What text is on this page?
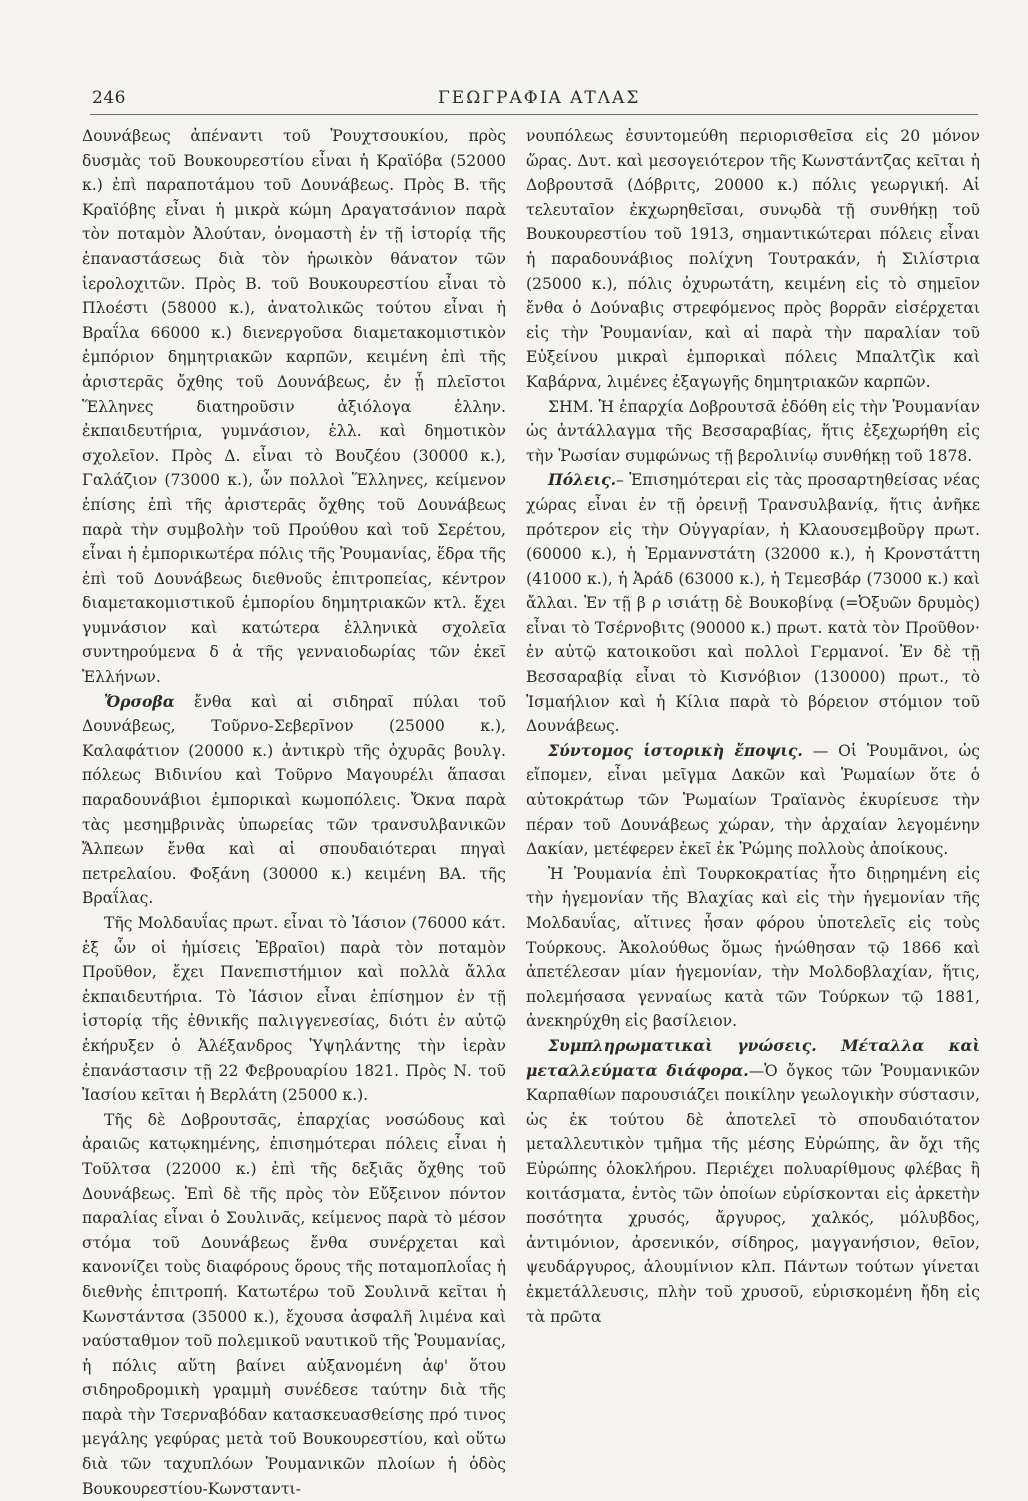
246	ΓΕΩΓΡΑΦΙΑ ΑΤΛΑΣ

Δουνάβεως ἀπέναντι τοῦ Ῥουχτσουκίου, πρὸς δυσμὰς τοῦ Βουκουρεστίου εἶναι ἡ Κραϊόβα (52000 κ.) ἐπὶ παραποτάμου τοῦ Δουνάβεως. Πρὸς Β. τῆς Κραϊόβης εἶναι ἡ μικρὰ κώμη Δραγατσάνιον παρὰ τὸν ποταμὸν Ἀλούταν, ὀνομαστὴ ἐν τῇ ἱστορίᾳ τῆς ἐπαναστάσεως διὰ τὸν ἡρωικὸν θάνατον τῶν ἱερολοχιτῶν. Πρὸς Β. τοῦ Βουκουρεστίου εἶναι τὸ Πλοέστι (58000 κ.), ἀνατολικῶς τούτου εἶναι ἡ Βραΐλα 66000 κ.) διενεργοῦσα διαμετακομιστικὸν ἐμπόριον δημητριακῶν καρπῶν, κειμένη ἐπὶ τῆς ἀριστερᾶς ὄχθης τοῦ Δουνάβεως, ἐν ᾗ πλεῖστοι Ἕλληνες διατηροῦσιν ἀξιόλογα ἑλλην. ἐκπαιδευτήρια, γυμνάσιον, ἑλλ. καὶ δημοτικὸν σχολεῖον. Πρὸς Δ. εἶναι τὸ Βουζέου (30000 κ.), Γαλάζιον (73000 κ.), ὧν πολλοὶ Ἕλληνες, κείμενον ἐπίσης ἐπὶ τῆς ἀριστερᾶς ὄχθης τοῦ Δουνάβεως παρὰ τὴν συμβολὴν τοῦ Προύθου καὶ τοῦ Σερέτου, εἶναι ἡ ἐμπορικωτέρα πόλις τῆς Ῥουμανίας, ἕδρα τῆς ἐπὶ τοῦ Δουνάβεως διεθνοῦς ἐπιτροπείας, κέντρον διαμετακομιστικοῦ ἐμπορίου δημητριακῶν κτλ. ἔχει γυμνάσιον καὶ κατώτερα ἑλληνικὰ σχολεῖα συντηρούμενα δ ἀ τῆς γενναιοδωρίας τῶν ἐκεῖ Ἑλλήνων.

Ὄρσοβα ἔνθα καὶ αἱ σιδηραῖ πύλαι τοῦ Δουνάβεως, Τοῦρνο-Σεβερῖνον (25000 κ.), Καλαφάτιον (20000 κ.) ἀντικρὺ τῆς ὀχυρᾶς βουλγ. πόλεως Βιδινίου καὶ Τοῦρνο Μαγουρέλι ἅπασαι παραδουνάβιοι ἐμπορικαὶ κωμοπόλεις. Ὄκνα παρὰ τὰς μεσημβρινὰς ὑπωρείας τῶν τρανσυλβανικῶν Ἄλπεων ἔνθα καὶ αἱ σπουδαιότεραι πηγαὶ πετρελαίου. Φοξάνη (30000 κ.) κειμένη ΒΑ. τῆς Βραΐλας.

Τῆς Μολδαυΐας πρωτ. εἶναι τὸ Ἰάσιον (76000 κάτ. ἐξ ὧν οἱ ἡμίσεις Ἑβραῖοι) παρὰ τὸν ποταμὸν Προῦθον, ἔχει Πανεπιστήμιον καὶ πολλὰ ἄλλα ἐκπαιδευτήρια. Τὸ Ἰάσιον εἶναι ἐπίσημον ἐν τῇ ἱστορίᾳ τῆς ἐθνικῆς παλιγγενεσίας, διότι ἐν αὐτῷ ἐκήρυξεν ὁ Ἀλέξανδρος Ὑψηλάντης τὴν ἱερὰν ἐπανάστασιν τῇ 22 Φεβρουαρίου 1821. Πρὸς Ν. τοῦ Ἰασίου κεῖται ἡ Βερλάτη (25000 κ.).

Τῆς δὲ Δοβρουτσᾶς, ἐπαρχίας νοσώδους καὶ ἀραιῶς κατῳκημένης, ἐπισημότεραι πόλεις εἶναι ἡ Τοῦλτσα (22000 κ.) ἐπὶ τῆς δεξιᾶς ὄχθης τοῦ Δουνάβεως. Ἐπὶ δὲ τῆς πρὸς τὸν Εὔξεινον πόντον παραλίας εἶναι ὁ Σουλινᾶς, κείμενος παρὰ τὸ μέσον στόμα τοῦ Δουνάβεως ἔνθα συνέρχεται καὶ κανονίζει τοὺς διαφόρους ὅρους τῆς ποταμοπλοΐας ἡ διεθνὴς ἐπιτροπή. Κατωτέρω τοῦ Σουλινᾶ κεῖται ἡ Κωνστάντσα (35000 κ.), ἔχουσα ἀσφαλῆ λιμένα καὶ ναύσταθμον τοῦ πολεμικοῦ ναυτικοῦ τῆς Ῥουμανίας, ἡ πόλις αὕτη βαίνει αὐξανομένη ἀφ' ὅτου σιδηροδρομικὴ γραμμὴ συνέδεσε ταύτην διὰ τῆς παρὰ τὴν Τσερναβόδαν κατασκευασθείσης πρό τινος μεγάλης γεφύρας μετὰ τοῦ Βουκουρεστίου, καὶ οὕτω διὰ τῶν ταχυπλόων Ῥουμανικῶν πλοίων ἡ ὁδὸς Βουκουρεστίου-Κωνσταντι-

νουπόλεως ἐσυντομεύθη περιορισθεῖσα εἰς 20 μόνον ὥρας. Δυτ. καὶ μεσογειότερον τῆς Κωνστάντζας κεῖται ἡ Δοβρουτσᾶ (Δόβριτς, 20000 κ.) πόλις γεωργική. Αἱ τελευταῖον ἐκχωρηθεῖσαι, συνῳδὰ τῇ συνθήκῃ τοῦ Βουκουρεστίου τοῦ 1913, σημαντικώτεραι πόλεις εἶναι ἡ παραδουνάβιος πολίχνη Τουτρακάν, ἡ Σιλίστρια (25000 κ.), πόλις ὀχυρωτάτη, κειμένη εἰς τὸ σημεῖον ἔνθα ὁ Δούναβις στρεφόμενος πρὸς βορρᾶν εἰσέρχεται εἰς τὴν Ῥουμανίαν, καὶ αἱ παρὰ τὴν παραλίαν τοῦ Εὐξείνου μικραὶ ἐμπορικαὶ πόλεις Μπαλτζὶκ καὶ Καβάρνα, λιμένες ἐξαγωγῆς δημητριακῶν καρπῶν.

ΣΗΜ. Ἡ ἐπαρχία Δοβρουτσᾶ ἐδόθη εἰς τὴν Ῥουμανίαν ὡς ἀντάλλαγμα τῆς Βεσσαραβίας, ἥτις ἐξεχωρήθη εἰς τὴν Ῥωσίαν συμφώνως τῇ βερολινίῳ συνθήκῃ τοῦ 1878.

Πόλεις.– Ἐπισημότεραι εἰς τὰς προσαρτηθείσας νέας χώρας εἶναι ἐν τῇ ὀρεινῇ Τρανσυλβανίᾳ, ἥτις ἀνῆκε πρότερον εἰς τὴν Οὑγγαρίαν, ἡ Κλαουσεμβοῦργ πρωτ. (60000 κ.), ἡ Ἑρμαννστάτη (32000 κ.), ἡ Κρονστάττη (41000 κ.), ἡ Ἀράδ (63000 κ.), ἡ Τεμεσβάρ (73000 κ.) καὶ ἄλλαι. Ἐν τῇ β ρ ισιάτῃ δὲ Βουκοβίνᾳ (=Ὀξυῶν δρυμὸς) εἶναι τὸ Τσέρνοβιτς (90000 κ.) πρωτ. κατὰ τὸν Προῦθον· ἐν αὐτῷ κατοικοῦσι καὶ πολλοὶ Γερμανοί. Ἐν δὲ τῇ Βεσσαραβίᾳ εἶναι τὸ Κισνόβιον (130000) πρωτ., τὸ Ἰσμαήλιον καὶ ἡ Κίλια παρὰ τὸ βόρειον στόμιον τοῦ Δουνάβεως.

Σύντομος ἱστορικὴ ἔποψις. — Οἱ Ῥουμᾶνοι, ὡς εἴπομεν, εἶναι μεῖγμα Δακῶν καὶ Ῥωμαίων ὅτε ὁ αὐτοκράτωρ τῶν Ῥωμαίων Τραϊανὸς ἐκυρίευσε τὴν πέραν τοῦ Δουνάβεως χώραν, τὴν ἀρχαίαν λεγομένην Δακίαν, μετέφερεν ἐκεῖ ἐκ Ῥώμης πολλοὺς ἀποίκους.

Ἡ Ῥουμανία ἐπὶ Τουρκοκρατίας ἦτο διῃρημένη εἰς τὴν ἡγεμονίαν τῆς Βλαχίας καὶ εἰς τὴν ἡγεμονίαν τῆς Μολδαυΐας, αἵτινες ἦσαν φόρου ὑποτελεῖς εἰς τοὺς Τούρκους. Ἀκολούθως ὅμως ἡνώθησαν τῷ 1866 καὶ ἀπετέλεσαν μίαν ἡγεμονίαν, τὴν Μολδοβλαχίαν, ἥτις, πολεμήσασα γενναίως κατὰ τῶν Τούρκων τῷ 1881, ἀνεκηρύχθη εἰς βασίλειον.

Συμπληρωματικαὶ γνώσεις. Μέταλλα καὶ μεταλλεύματα διάφορα.—Ὁ ὄγκος τῶν Ῥουμανικῶν Καρπαθίων παρουσιάζει ποικίλην γεωλογικὴν σύστασιν, ὡς ἐκ τούτου δὲ ἀποτελεῖ τὸ σπουδαιότατον μεταλλευτικὸν τμῆμα τῆς μέσης Εὐρώπης, ἂν ὄχι τῆς Εὐρώπης ὁλοκλήρου. Περιέχει πολυαρίθμους φλέβας ἢ κοιτάσματα, ἐντὸς τῶν ὁποίων εὑρίσκονται εἰς ἀρκετὴν ποσότητα χρυσός, ἄργυρος, χαλκός, μόλυβδος, ἀντιμόνιον, ἀρσενικόν, σίδηρος, μαγγανήσιον, θεῖον, ψευδάργυρος, ἀλουμίνιον κλπ. Πάντων τούτων γίνεται ἐκμετάλλευσις, πλὴν τοῦ χρυσοῦ, εὑρισκομένη ἤδη εἰς τὰ πρῶτα
